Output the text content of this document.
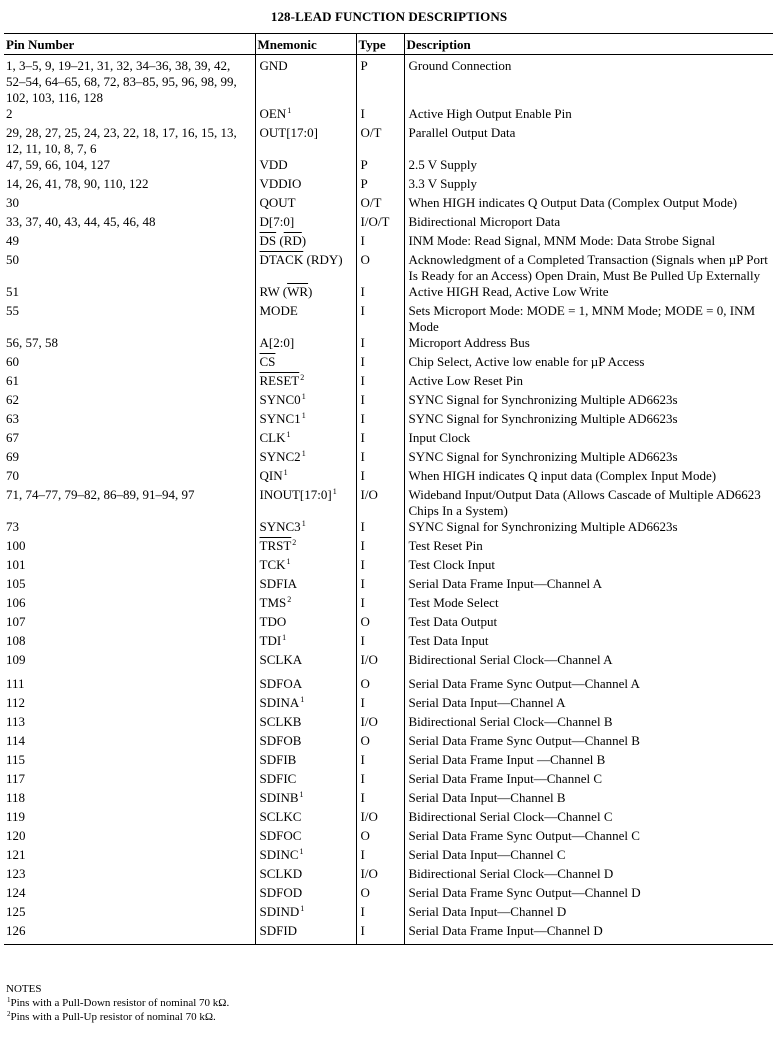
128-LEAD FUNCTION DESCRIPTIONS
Pin Number	Mnemonic	Type	Description
1, 3–5, 9, 19–21, 31, 32, 34–36, 38, 39, 42, 52–54, 64–65, 68, 72, 83–85, 95, 96, 98, 99, 102, 103, 116, 128	GND	P	Ground Connection
2	OEN$^1$	I	Active High Output Enable Pin
29, 28, 27, 25, 24, 23, 22, 18, 17, 16, 15, 13, 12, 11, 10, 8, 7, 6	OUT[17:0]	O/T	Parallel Output Data
47, 59, 66, 104, 127	VDD	P	2.5 V Supply
14, 26, 41, 78, 90, 110, 122	VDDIO	P	3.3 V Supply
30	QOUT	O/T	When HIGH indicates Q Output Data (Complex Output Mode)
33, 37, 40, 43, 44, 45, 46, 48	D[7:0]	I/O/T	Bidirectional Microport Data
49	$\overline{DS}$ $(\overline{RD})$	I	INM Mode: Read Signal, MNM Mode: Data Strobe Signal
50	DTACK (RDY)	O	Acknowledgment of a Completed Transaction (Signals when µP Port Is Ready for an Access) Open Drain, Must Be Pulled Up Externally
51	RW $(\overline{WR})$	I	Active HIGH Read, Active Low Write
55	MODE	I	Sets Microport Mode: MODE = 1, MNM Mode; MODE = 0, INM Mode
56, 57, 58	A[2:0]	I	Microport Address Bus
60	$\overline{CS}$	I	Chip Select, Active low enable for µP Access
61	RESET$^2$	I	Active Low Reset Pin
62	$SYNC0^1$	I	SYNC Signal for Synchronizing Multiple AD6623s
63	$SYNC1^1$	I	SYNC Signal for Synchronizing Multiple AD6623s
67	CLK$^1$	I	Input Clock
69	$SYNC2^1$	I	SYNC Signal for Synchronizing Multiple AD6623s
70	QIN$^1$	I	When HIGH indicates Q input data (Complex Input Mode)
71, 74–77, 79–82, 86–89, 91–94, 97	INOUT[17:0]$^1$	I/O	Wideband Input/Output Data (Allows Cascade of Multiple AD6623 Chips In a System)
73	$SYNC3^1$	I	SYNC Signal for Synchronizing Multiple AD6623s
100	TRST$^2$	I	Test Reset Pin
101	TCK$^1$	I	Test Clock Input
105	SDFIA	I	Serial Data Frame Input—Channel A
106	TMS$^2$	I	Test Mode Select
107	TDO	O	Test Data Output
108	TDI$^1$	I	Test Data Input
109	SCLKA	I/O	Bidirectional Serial Clock—Channel A
111	SDFOA	O	Serial Data Frame Sync Output—Channel A
112	SDINA$^1$	I	Serial Data Input—Channel A
113	SCLKB	I/O	Bidirectional Serial Clock—Channel B
114	SDFOB	O	Serial Data Frame Sync Output—Channel B
115	SDFIB	I	Serial Data Frame Input —Channel B
117	SDFIC	I	Serial Data Frame Input—Channel C
118	SDINB$^1$	I	Serial Data Input—Channel B
119	SCLKC	I/O	Bidirectional Serial Clock—Channel C
120	SDFOC	O	Serial Data Frame Sync Output—Channel C
121	SDINC$^1$	I	Serial Data Input—Channel C
123	SCLKD	I/O	Bidirectional Serial Clock—Channel D
124	SDFOD	O	Serial Data Frame Sync Output—Channel D
125	SDIND$^1$	I	Serial Data Input—Channel D
126	SDFID	I	Serial Data Frame Input—Channel D
NOTES
$^1$Pins with a Pull-Down resistor of nominal 70 kΩ.
$^2$Pins with a Pull-Up resistor of nominal 70 kΩ.
